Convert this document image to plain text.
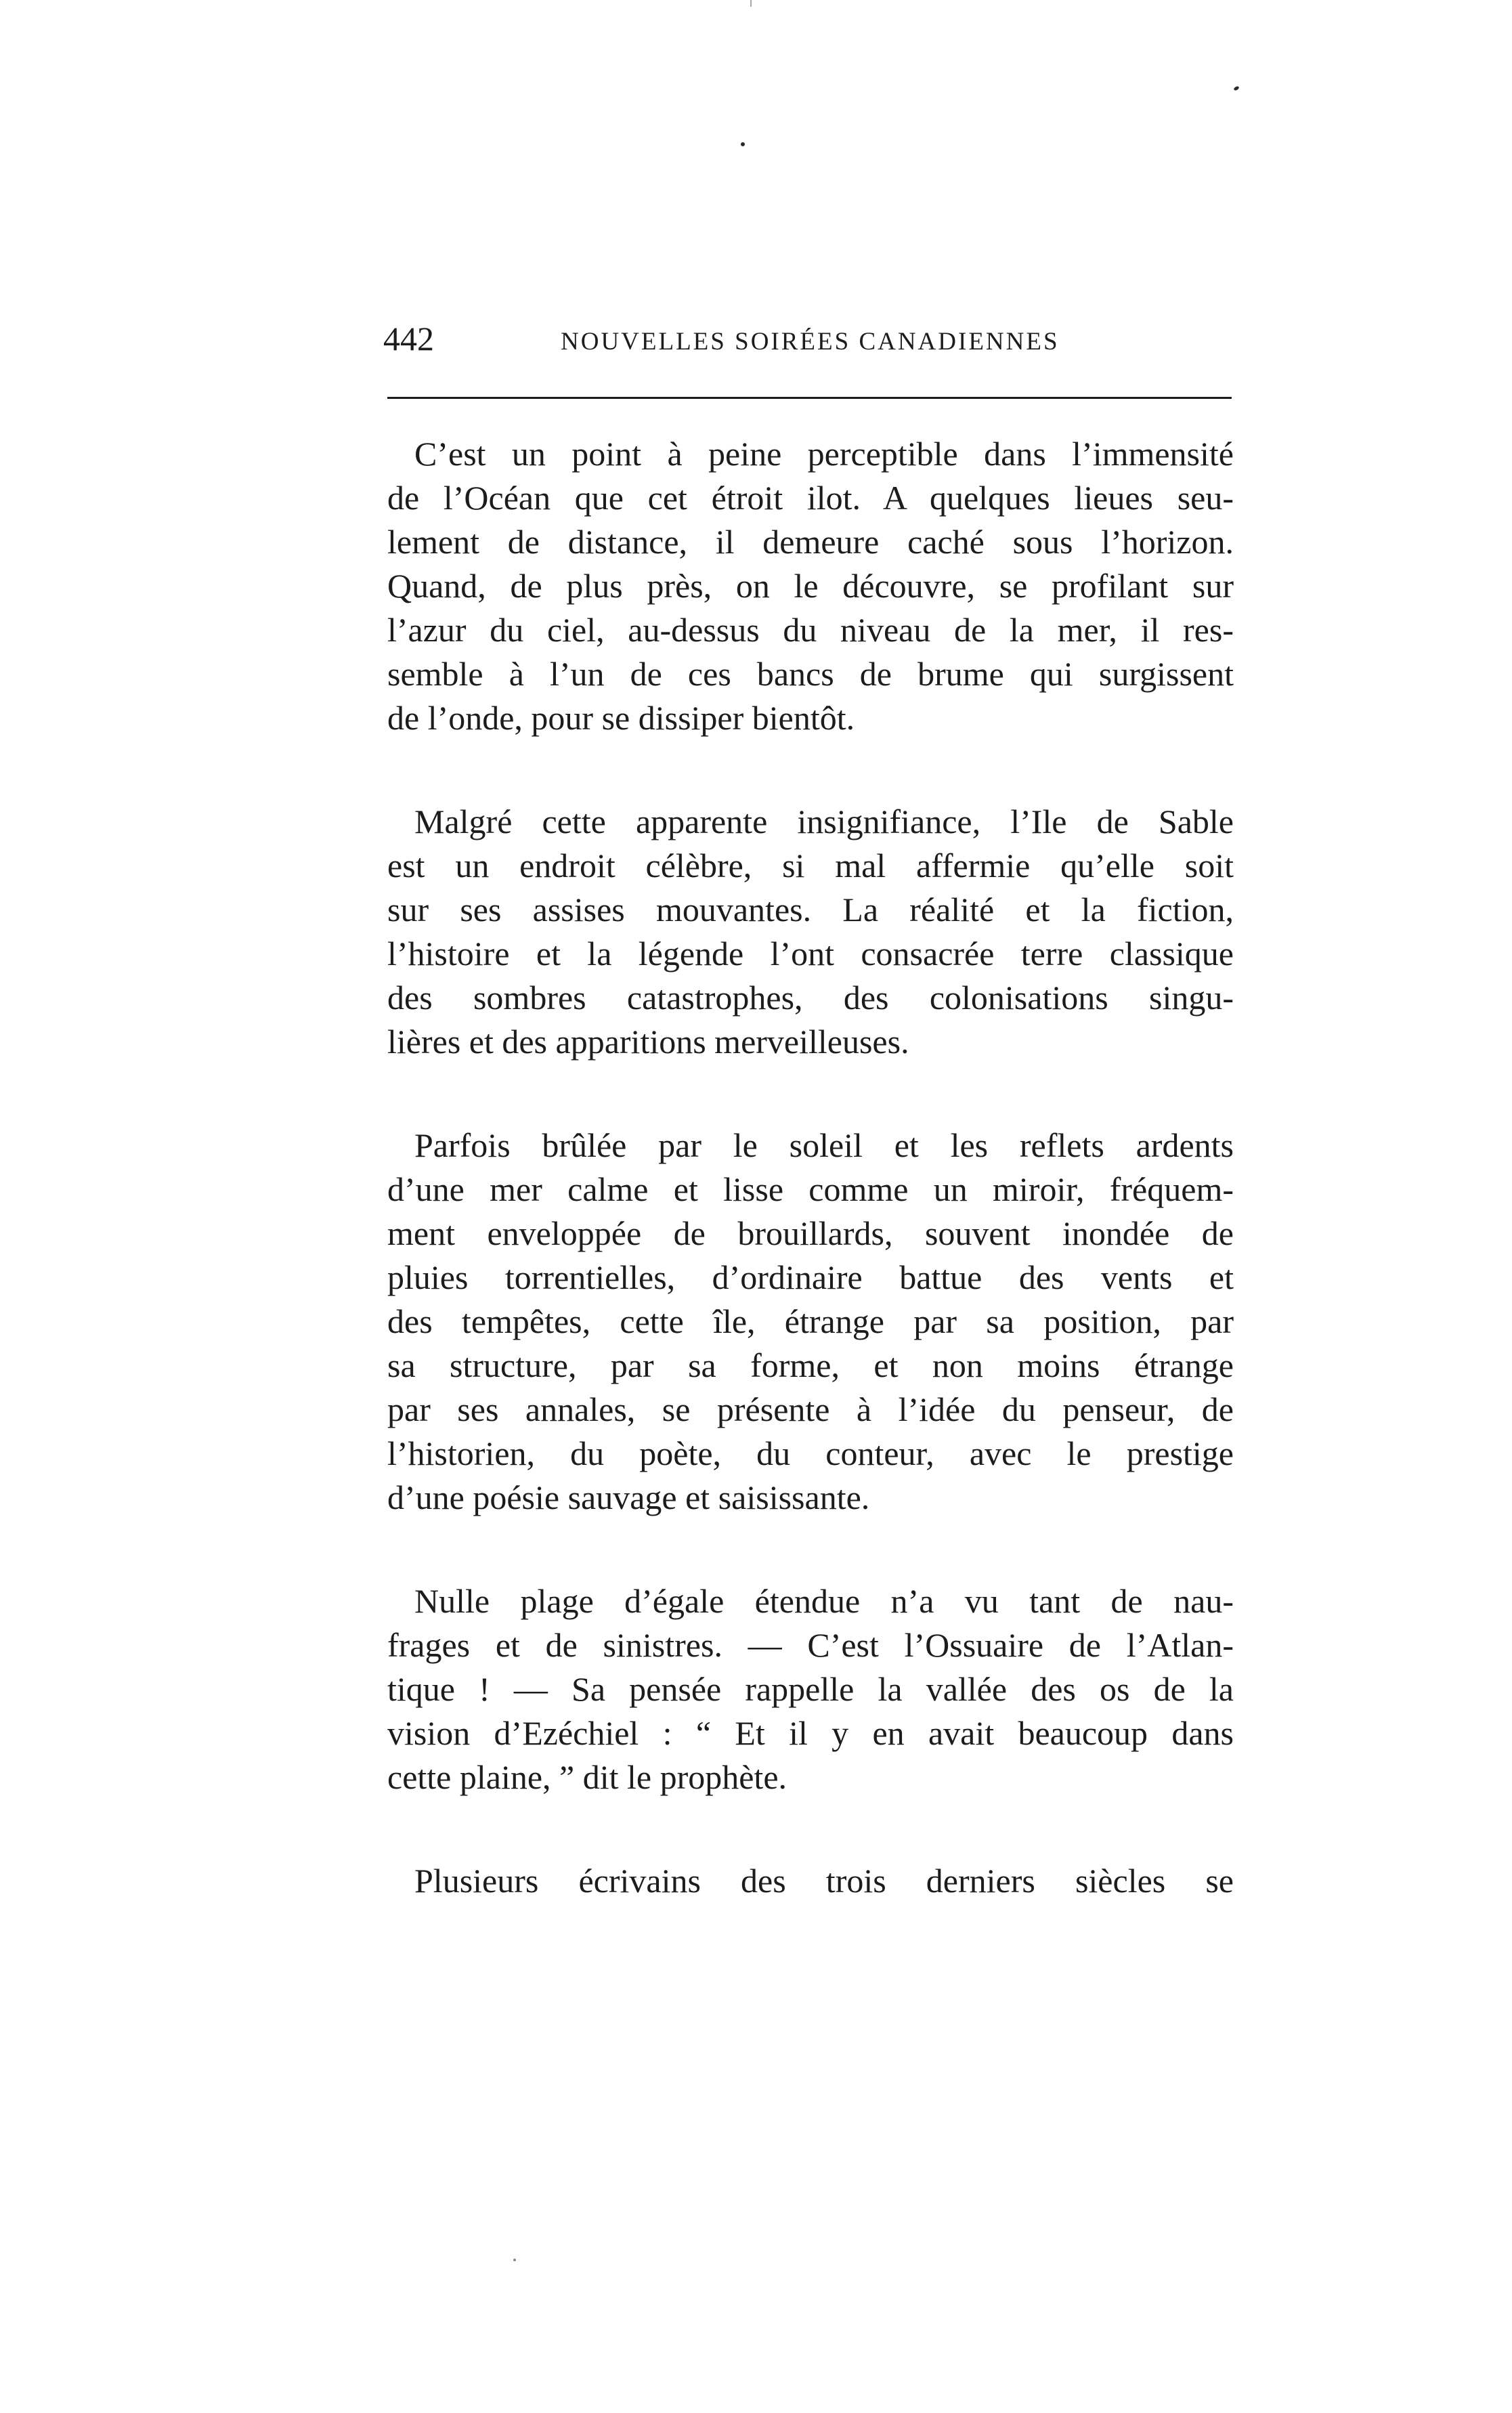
442	NOUVELLES SOIRÉES CANADIENNES

C’est un point à peine perceptible dans l’immensité
de l’Océan que cet étroit ilot. A quelques lieues seu-
lement de distance, il demeure caché sous l’horizon.
Quand, de plus près, on le découvre, se profilant sur
l’azur du ciel, au-dessus du niveau de la mer, il res-
semble à l’un de ces bancs de brume qui surgissent
de l’onde, pour se dissiper bientôt.

Malgré cette apparente insignifiance, l’Ile de Sable
est un endroit célèbre, si mal affermie qu’elle soit
sur ses assises mouvantes. La réalité et la fiction,
l’histoire et la légende l’ont consacrée terre classique
des sombres catastrophes, des colonisations singu-
lières et des apparitions merveilleuses.

Parfois brûlée par le soleil et les reflets ardents
d’une mer calme et lisse comme un miroir, fréquem-
ment enveloppée de brouillards, souvent inondée de
pluies torrentielles, d’ordinaire battue des vents et
des tempêtes, cette île, étrange par sa position, par
sa structure, par sa forme, et non moins étrange
par ses annales, se présente à l’idée du penseur, de
l’historien, du poète, du conteur, avec le prestige
d’une poésie sauvage et saisissante.

Nulle plage d’égale étendue n’a vu tant de nau-
frages et de sinistres. — C’est l’Ossuaire de l’Atlan-
tique ! — Sa pensée rappelle la vallée des os de la
vision d’Ezéchiel : “ Et il y en avait beaucoup dans
cette plaine, ” dit le prophète.

Plusieurs écrivains des trois derniers siècles se
